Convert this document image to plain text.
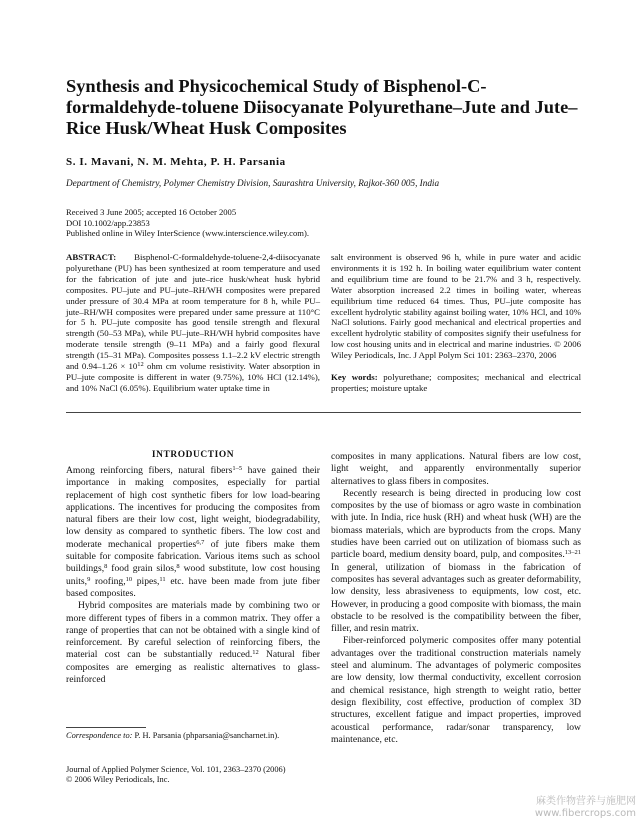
Synthesis and Physicochemical Study of Bisphenol-C-formaldehyde-toluene Diisocyanate Polyurethane–Jute and Jute–Rice Husk/Wheat Husk Composites
S. I. Mavani, N. M. Mehta, P. H. Parsania
Department of Chemistry, Polymer Chemistry Division, Saurashtra University, Rajkot-360 005, India
Received 3 June 2005; accepted 16 October 2005
DOI 10.1002/app.23853
Published online in Wiley InterScience (www.interscience.wiley.com).

ABSTRACT: Bisphenol-C-formaldehyde-toluene-2,4-diisocyanate polyurethane (PU) has been synthesized at room temperature and used for the fabrication of jute and jute–rice husk/wheat husk hybrid composites. PU–jute and PU–jute–RH/WH composites were prepared under pressure of 30.4 MPa at room temperature for 8 h, while PU–jute–RH/WH composites were prepared under same pressure at 110°C for 5 h. PU–jute composite has good tensile strength and flexural strength (50–53 MPa), while PU–jute–RH/WH hybrid composites have moderate tensile strength (9–11 MPa) and a fairly good flexural strength (15–31 MPa). Composites possess 1.1–2.2 kV electric strength and $0.94-1.26 \times 10^{12}$ ohm cm volume resistivity. Water absorption in PU–jute composite is different in water (9.75%), 10% HCl (12.14%), and 10% NaCl (6.05%). Equilibrium water uptake time in

salt environment is observed 96 h, while in pure water and acidic environments it is 192 h. In boiling water equilibrium water content and equilibrium time are found to be 21.7% and 3 h, respectively. Water absorption increased 2.2 times in boiling water, whereas equilibrium time reduced 64 times. Thus, PU–jute composite has excellent hydrolytic stability against boiling water, 10% HCl, and 10% NaCl solutions. Fairly good mechanical and electrical properties and excellent hydrolytic stability of composites signify their usefulness for low cost housing units and in electrical and marine industries. © 2006 Wiley Periodicals, Inc. J Appl Polym Sci 101: 2363–2370, 2006

Key words: polyurethane; composites; mechanical and electrical properties; moisture uptake

INTRODUCTION

Among reinforcing fibers, natural fibers$^{1-5}$ have gained their importance in making composites, especially for partial replacement of high cost synthetic fibers for low load-bearing applications. The incentives for producing the composites from natural fibers are their low cost, light weight, biodegradability, low density as compared to synthetic fibers. The low cost and moderate mechanical properties$^{6,7}$ of jute fibers make them suitable for composite fabrication. Various items such as school buildings,$^8$ food grain silos,$^8$ wood substitute, low cost housing units,$^9$ roofing,$^{10}$ pipes,$^{11}$ etc. have been made from jute fiber based composites.

Hybrid composites are materials made by combining two or more different types of fibers in a common matrix. They offer a range of properties that can not be obtained with a single kind of reinforcement. By careful selection of reinforcing fibers, the material cost can be substantially reduced.$^{12}$ Natural fiber composites are emerging as realistic alternatives to glass-reinforced

composites in many applications. Natural fibers are low cost, light weight, and apparently environmentally superior alternatives to glass fibers in composites.

Recently research is being directed in producing low cost composites by the use of biomass or agro waste in combination with jute. In India, rice husk (RH) and wheat husk (WH) are the biomass materials, which are byproducts from the crops. Many studies have been carried out on utilization of biomass such as particle board, medium density board, pulp, and composites.$^{13-21}$ In general, utilization of biomass in the fabrication of composites has several advantages such as greater deformability, low density, less abrasiveness to equipments, low cost, etc. However, in producing a good composite with biomass, the main obstacle to be resolved is the compatibility between the fiber, filler, and resin matrix.

Fiber-reinforced polymeric composites offer many potential advantages over the traditional construction materials namely steel and aluminum. The advantages of polymeric composites are low density, low thermal conductivity, excellent corrosion and chemical resistance, high strength to weight ratio, better design flexibility, cost effective, production of complex 3D structures, excellent fatigue and impact properties, improved acoustical performance, radar/sonar transparency, low maintenance, etc.

Correspondence to: P. H. Parsania (phparsania@sancharnet.in).
Journal of Applied Polymer Science, Vol. 101, 2363–2370 (2006)
© 2006 Wiley Periodicals, Inc.
麻类作物营养与施肥网
www.fibercrops.com
